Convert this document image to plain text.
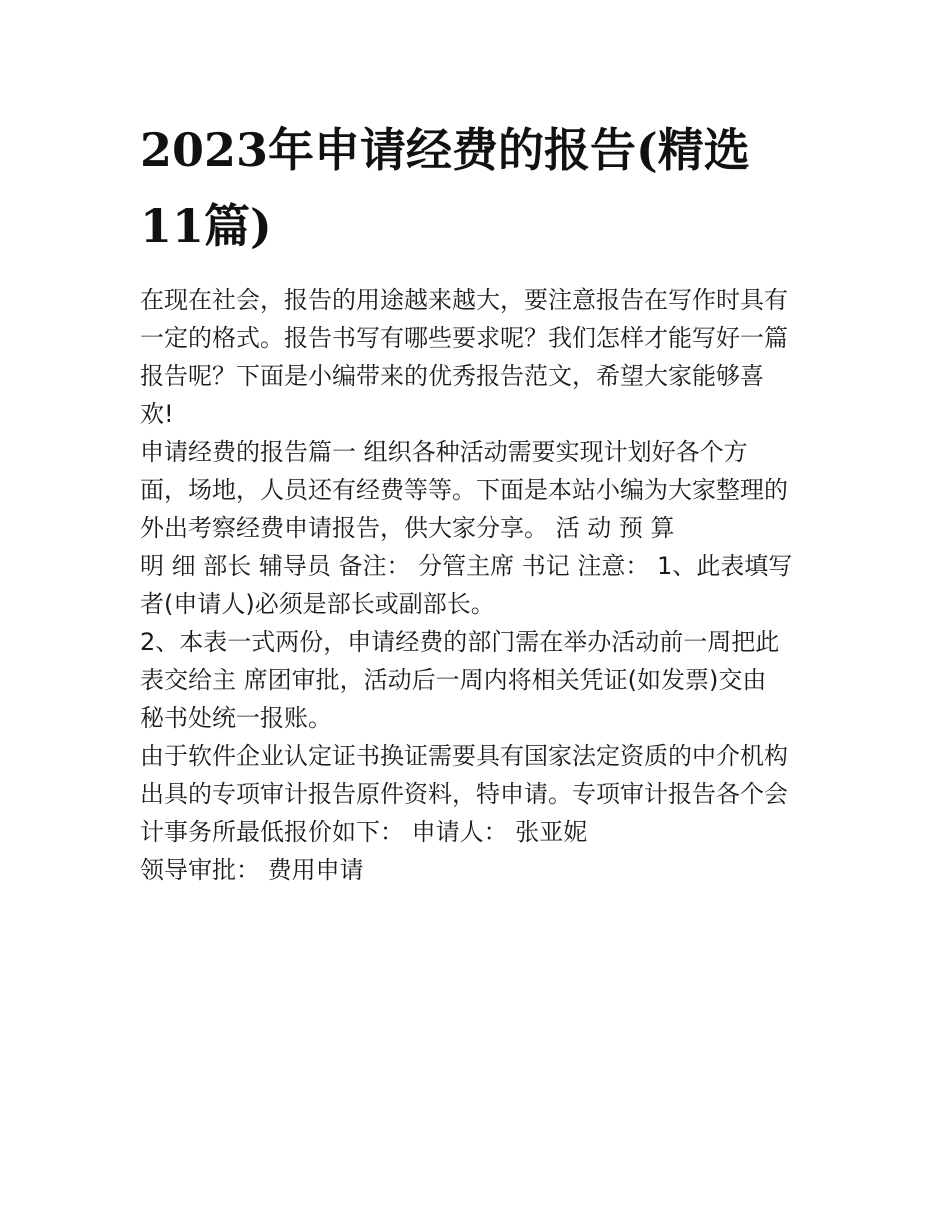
2023年申请经费的报告(精选
11篇)
在现在社会，报告的用途越来越大，要注意报告在写作时具有
一定的格式。报告书写有哪些要求呢？我们怎样才能写好一篇
报告呢？下面是小编带来的优秀报告范文，希望大家能够喜
欢!
申请经费的报告篇一 组织各种活动需要实现计划好各个方
面，场地，人员还有经费等等。下面是本站小编为大家整理的
外出考察经费申请报告，供大家分享。 活 动 预 算
明 细 部长 辅导员 备注： 分管主席 书记 注意： 1、此表填写
者(申请人)必须是部长或副部长。
2、本表一式两份，申请经费的部门需在举办活动前一周把此
表交给主 席团审批，活动后一周内将相关凭证(如发票)交由
秘书处统一报账。
由于软件企业认定证书换证需要具有国家法定资质的中介机构
出具的专项审计报告原件资料，特申请。专项审计报告各个会
计事务所最低报价如下： 申请人： 张亚妮
领导审批： 费用申请
